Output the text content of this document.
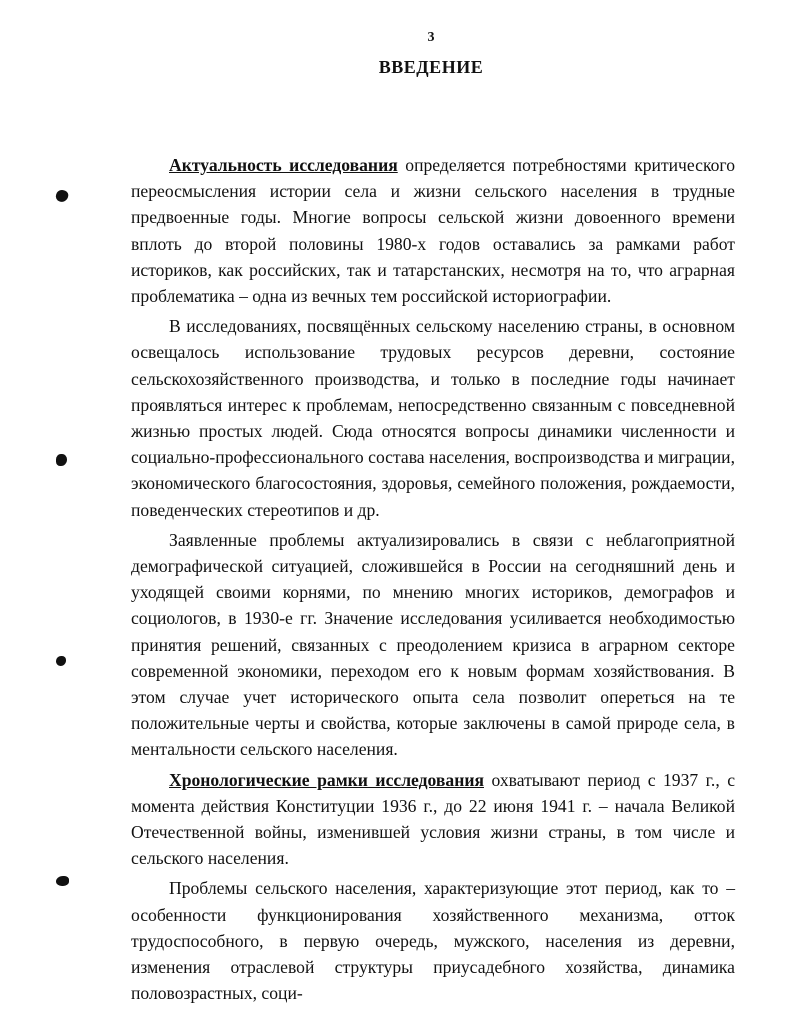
3
ВВЕДЕНИЕ

Актуальность исследования определяется потребностями критического переосмысления истории села и жизни сельского населения в трудные предвоенные годы. Многие вопросы сельской жизни довоенного времени вплоть до второй половины 1980-х годов оставались за рамками работ историков, как российских, так и татарстанских, несмотря на то, что аграрная проблематика – одна из вечных тем российской историографии.

В исследованиях, посвящённых сельскому населению страны, в основном освещалось использование трудовых ресурсов деревни, состояние сельскохозяйственного производства, и только в последние годы начинает проявляться интерес к проблемам, непосредственно связанным с повседневной жизнью простых людей. Сюда относятся вопросы динамики численности и социально-профессионального состава населения, воспроизводства и миграции, экономического благосостояния, здоровья, семейного положения, рождаемости, поведенческих стереотипов и др.

Заявленные проблемы актуализировались в связи с неблагоприятной демографической ситуацией, сложившейся в России на сегодняшний день и уходящей своими корнями, по мнению многих историков, демографов и социологов, в 1930-е гг. Значение исследования усиливается необходимостью принятия решений, связанных с преодолением кризиса в аграрном секторе современной экономики, переходом его к новым формам хозяйствования. В этом случае учет исторического опыта села позволит опереться на те положительные черты и свойства, которые заключены в самой природе села, в ментальности сельского населения.

Хронологические рамки исследования охватывают период с 1937 г., с момента действия Конституции 1936 г., до 22 июня 1941 г. – начала Великой Отечественной войны, изменившей условия жизни страны, в том числе и сельского населения.

Проблемы сельского населения, характеризующие этот период, как то – особенности функционирования хозяйственного механизма, отток трудоспособного, в первую очередь, мужского, населения из деревни, изменения отраслевой структуры приусадебного хозяйства, динамика половозрастных, соци-
